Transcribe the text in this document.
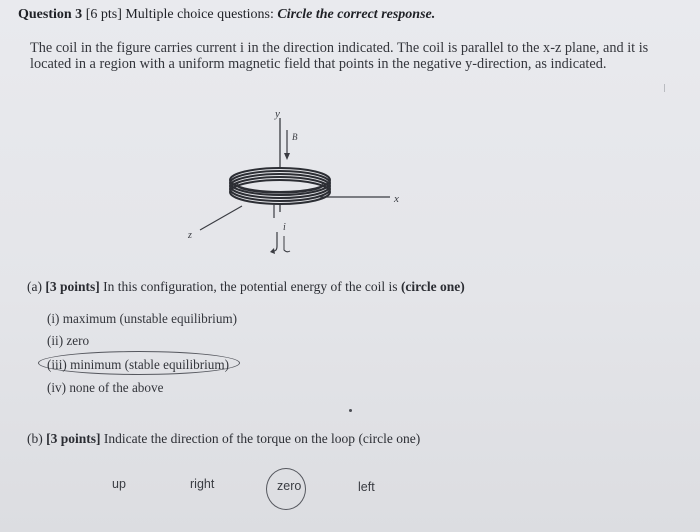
Question 3 [6 pts] Multiple choice questions: Circle the correct response.
The coil in the figure carries current i in the direction indicated. The coil is parallel to the x-z plane, and it is
located in a region with a uniform magnetic field that points in the negative y-direction, as indicated.
y
B
x
z
i
(a) [3 points] In this configuration, the potential energy of the coil is (circle one)
(i) maximum (unstable equilibrium)
(ii) zero
(iii) minimum (stable equilibrium)
(iv) none of the above
(b) [3 points] Indicate the direction of the torque on the loop (circle one)
up	right	zero	left
